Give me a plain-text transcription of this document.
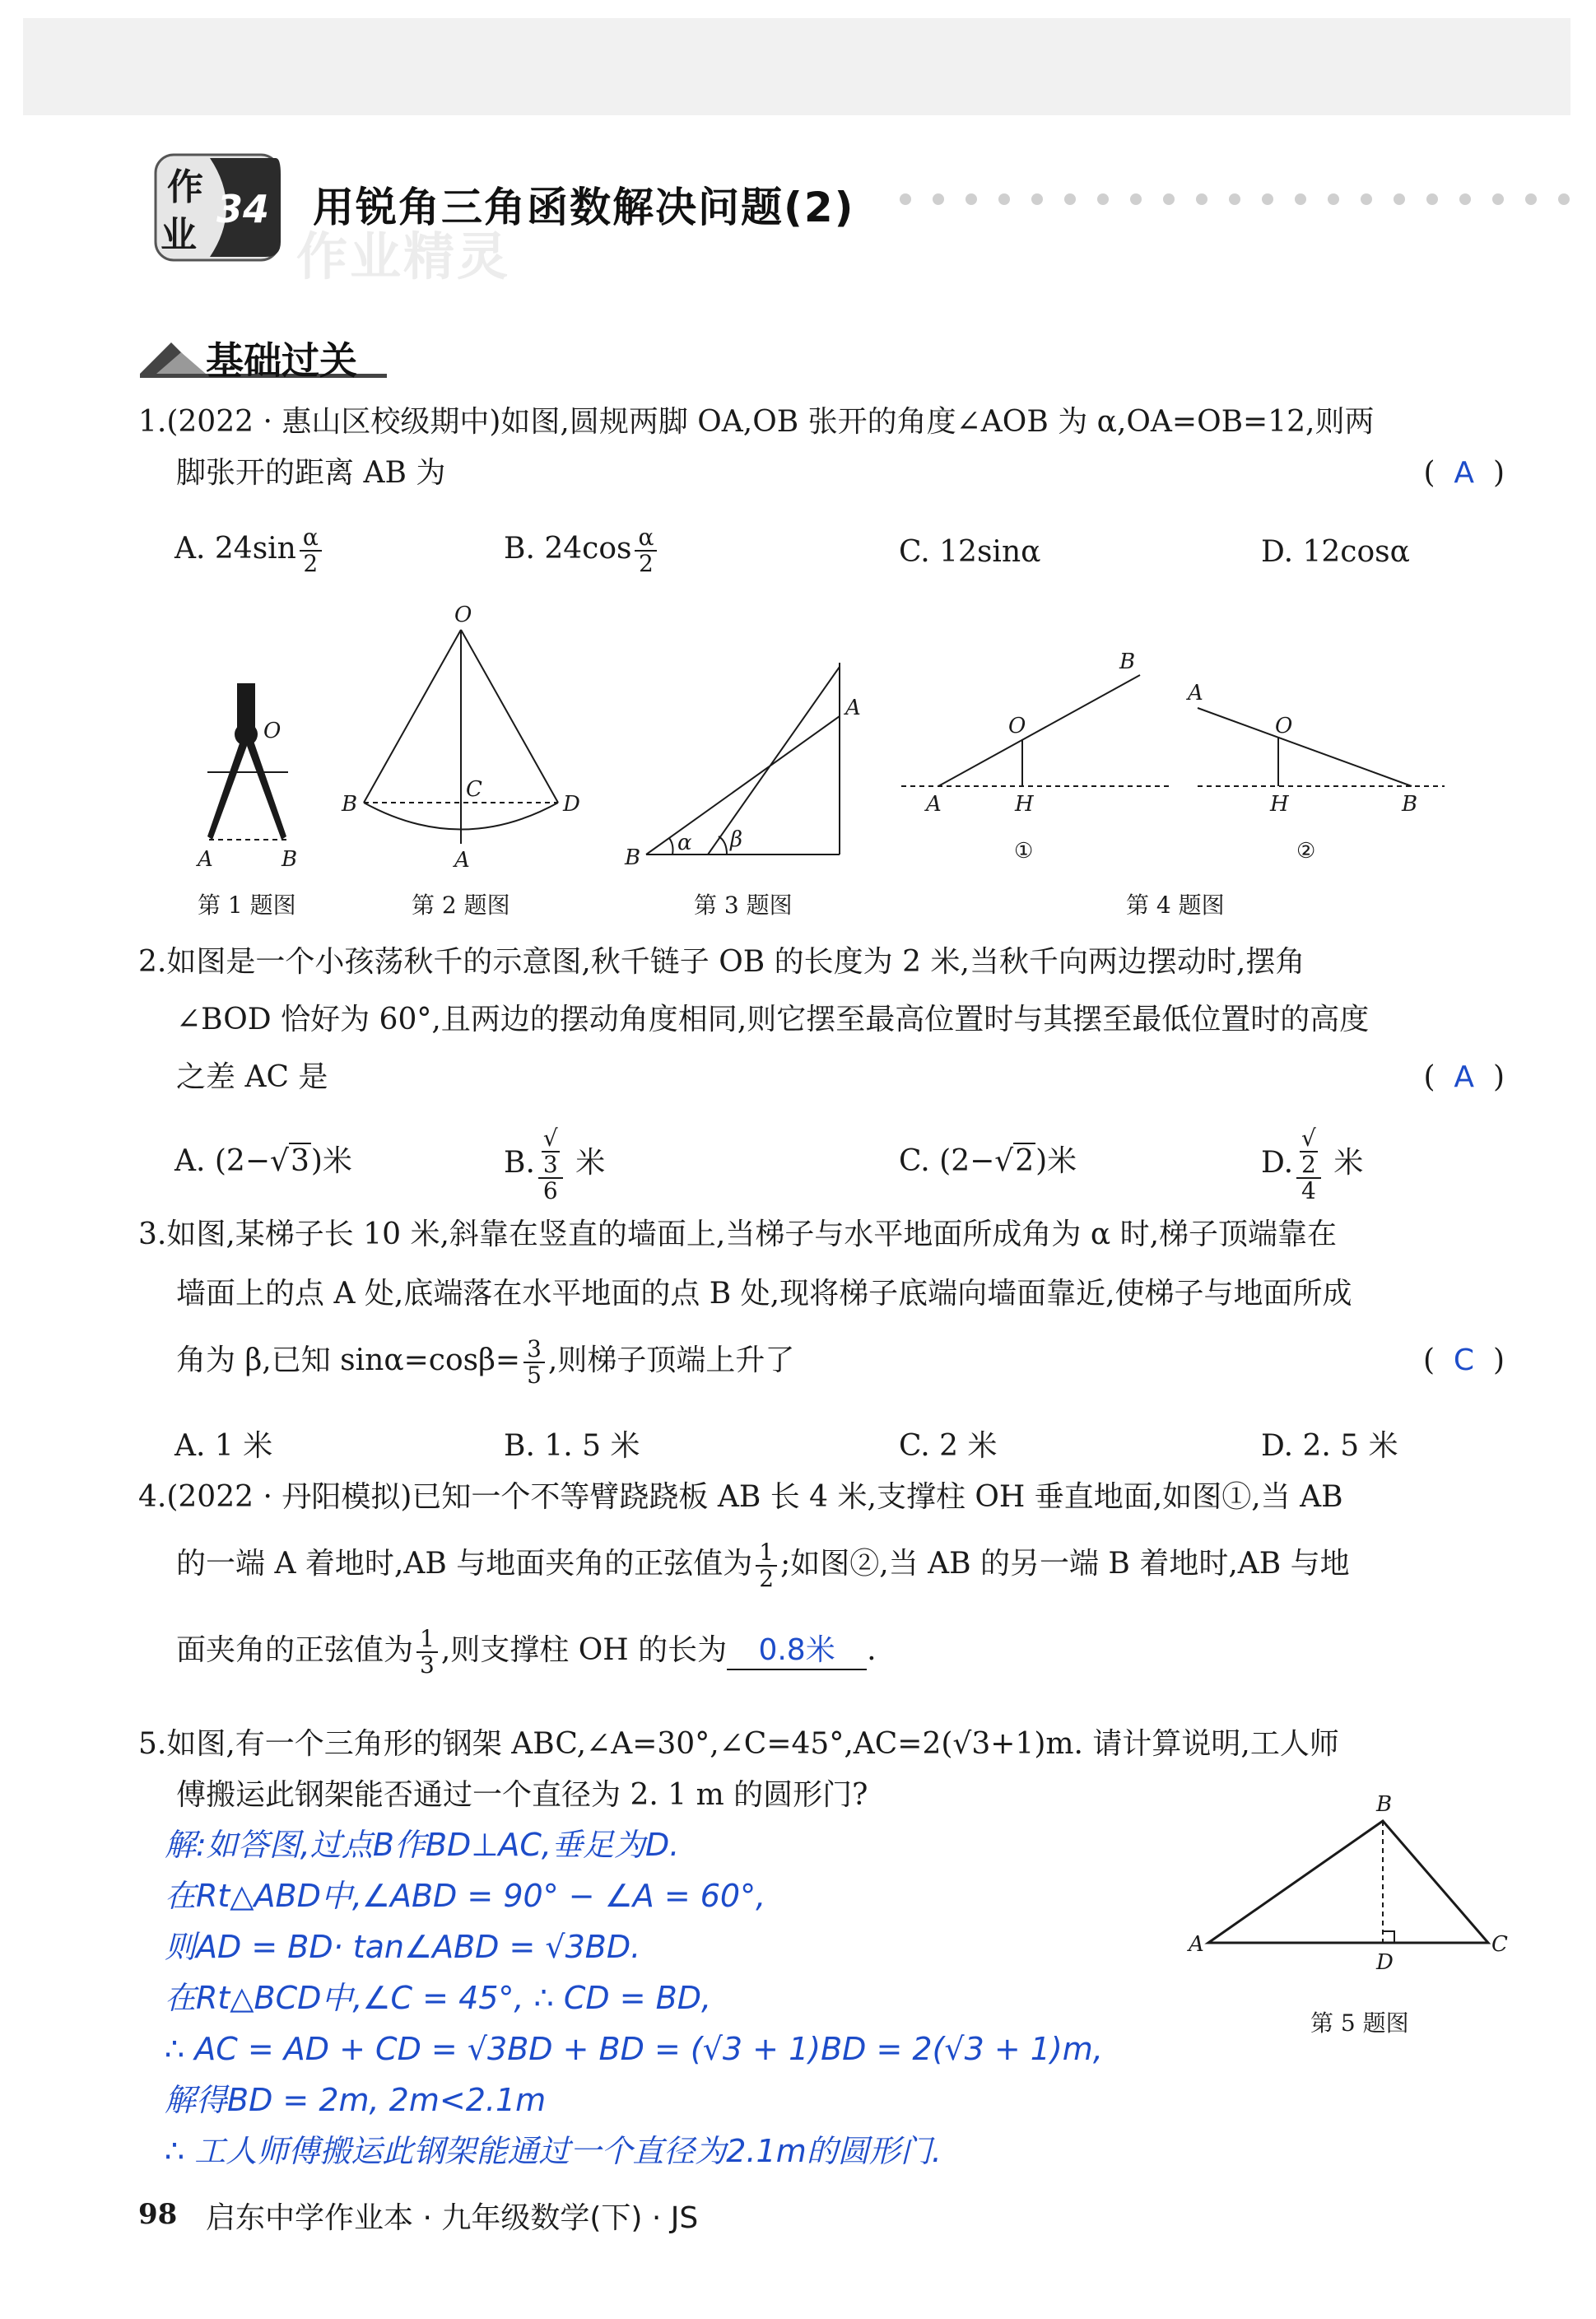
作
业
34 用锐角三角函数解决问题(2)
作业精灵
基础过关
1.(2022 · 惠山区校级期中)如图,圆规两脚 OA,OB 张开的角度∠AOB 为 α,OA=OB=12,则两
脚张开的距离 AB 为	(  A  )
A. $24\sin \frac{\alpha}{2}$	B. $24\cos \frac{\alpha}{2}$	C. 12sinα	D. 12cosα
O
A	B
O
B
C
D
A
A
B
α β
B
O
A	H
①
A
O
H	B
②
第 1 题图	第 2 题图	第 3 题图	第 4 题图
2.如图是一个小孩荡秋千的示意图,秋千链子 OB 的长度为 2 米,当秋千向两边摆动时,摆角
∠BOD 恰好为 60°,且两边的摆动角度相同,则它摆至最高位置时与其摆至最低位置时的高度
之差 AC 是	(  A  )
A. (2−√3)米	B. √
3
6 米	C. (2−√2)米	D. √
2
4 米
3.如图,某梯子长 10 米,斜靠在竖直的墙面上,当梯子与水平地面所成角为 α 时,梯子顶端靠在
墙面上的点 A 处,底端落在水平地面的点 B 处,现将梯子底端向墙面靠近,使梯子与地面所成
角为 β,已知 $\sin\alpha=\cos\beta= \frac{3}{5}$ ,则梯子顶端上升了	(  C  )
A. 1 米	B. 1. 5 米	C. 2 米	D. 2. 5 米
4.(2022 · 丹阳模拟)已知一个不等臂跷跷板 AB 长 4 米,支撑柱 OH 垂直地面,如图①,当 AB
的一端 A 着地时,AB 与地面夹角的正弦值为 $\frac{1}{2}$ ;如图②,当 AB 的另一端 B 着地时,AB 与地
面夹角的正弦值为 $\frac{1}{3}$ ,则支撑柱 OH 的长为 0.8米 .
5.如图,有一个三角形的钢架 ABC,∠A=30°,∠C=45°,AC=2(√3+1)m. 请计算说明,工人师
傅搬运此钢架能否通过一个直径为 2. 1 m 的圆形门?
解:如答图,过点B作BD⊥AC,垂足为D.
在Rt△ABD中,∠ABD = 90° − ∠A = 60°,
则AD = BD· tan∠ABD = √3BD.
在Rt△BCD中,∠C = 45°, ∴ CD = BD,
∴ AC = AD + CD = √3BD + BD = (√3 + 1)BD = 2(√3 + 1)m,
解得BD = 2m, 2m<2.1m
∴ 工人师傅搬运此钢架能通过一个直径为2.1m的圆形门.
B
A	C
D
第 5 题图
98 启东中学作业本 · 九年级数学(下) · JS
